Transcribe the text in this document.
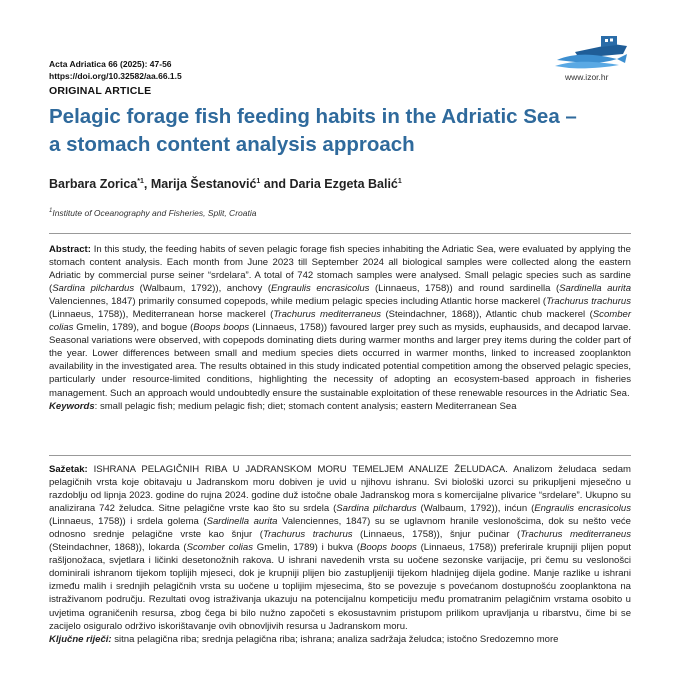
Acta Adriatica 66 (2025): 47-56
https://doi.org/10.32582/aa.66.1.5
ORIGINAL ARTICLE
www.izor.hr
Pelagic forage fish feeding habits in the Adriatic Sea –
a stomach content analysis approach
Barbara Zorica$^{*1}$, Marija Šestanović$^1$ and Daria Ezgeta Balić$^1$
$^1$Institute of Oceanography and Fisheries, Split, Croatia
Abstract: In this study, the feeding habits of seven pelagic forage fish species inhabiting the Adriatic Sea, were evaluated by applying the stomach content analysis. Each month from June 2023 till September 2024 all biological samples were collected along the eastern Adriatic by commercial purse seiner “srdelara”. A total of 742 stomach samples were analysed. Small pelagic species such as sardine (Sardina pilchardus (Walbaum, 1792)), anchovy (Engraulis encrasicolus (Linnaeus, 1758)) and round sardinella (Sardinella aurita Valenciennes, 1847) primarily consumed copepods, while medium pelagic species including Atlantic horse mackerel (Trachurus trachurus (Linnaeus, 1758)), Mediterranean horse mackerel (Trachurus mediterraneus (Steindachner, 1868)), Atlantic chub mackerel (Scomber colias Gmelin, 1789), and bogue (Boops boops (Linnaeus, 1758)) favoured larger prey such as mysids, euphausids, and decapod larvae. Seasonal variations were observed, with copepods dominating diets during warmer months and larger prey items during the colder part of the year. Lower differences between small and medium species diets occurred in warmer months, linked to increased zooplankton availability in the investigated area. The results obtained in this study indicated potential competition among the observed pelagic species, particularly under resource-limited conditions, highlighting the necessity of adopting an ecosystem-based approach in fisheries management. Such an approach would undoubtedly ensure the sustainable exploitation of these renewable resources in the Adriatic Sea.
Keywords: small pelagic fish; medium pelagic fish; diet; stomach content analysis; eastern Mediterranean Sea
Sažetak: ISHRANA PELAGIČNIH RIBA U JADRANSKOM MORU TEMELJEM ANALIZE ŽELUDACA. Analizom želudaca sedam pelagičnih vrsta koje obitavaju u Jadranskom moru dobiven je uvid u njihovu ishranu. Svi biološki uzorci su prikupljeni mjesečno u razdoblju od lipnja 2023. godine do rujna 2024. godine duž istočne obale Jadranskog mora s komercijalne plivarice “srdelare”. Ukupno su analizirana 742 želudca. Sitne pelagične vrste kao što su srdela (Sardina pilchardus (Walbaum, 1792)), inćun (Engraulis encrasicolus (Linnaeus, 1758)) i srdela golema (Sardinella aurita Valenciennes, 1847) su se uglavnom hranile veslonošcima, dok su nešto veće odnosno srednje pelagične vrste kao šnjur (Trachurus trachurus (Linnaeus, 1758)), šnjur pučinar (Trachurus mediterraneus (Steindachner, 1868)), lokarda (Scomber colias Gmelin, 1789) i bukva (Boops boops (Linnaeus, 1758)) preferirale krupniji plijen poput rašljonožaca, svjetlara i ličinki desetonožnih rakova. U ishrani navedenih vrsta su uočene sezonske varijacije, pri čemu su veslonošci dominirali ishranom tijekom toplijih mjeseci, dok je krupniji plijen bio zastupljeniji tijekom hladnijeg dijela godine. Manje razlike u ishrani između malih i srednjih pelagičnih vrsta su uočene u toplijim mjesecima, što se povezuje s povećanom dostupnošću zooplanktona na istraživanom području. Rezultati ovog istraživanja ukazuju na potencijalnu kompeticiju među promatranim pelagičnim vrstama osobito u uvjetima ograničenih resursa, zbog čega bi bilo nužno započeti s ekosustavnim pristupom prilikom upravljanja u ribarstvu, čime bi se zacijelo osiguralo održivo iskorištavanje ovih obnovljivih resursa u Jadranskom moru.
Ključne riječi: sitna pelagična riba; srednja pelagična riba; ishrana; analiza sadržaja želudca; istočno Sredozemno more
